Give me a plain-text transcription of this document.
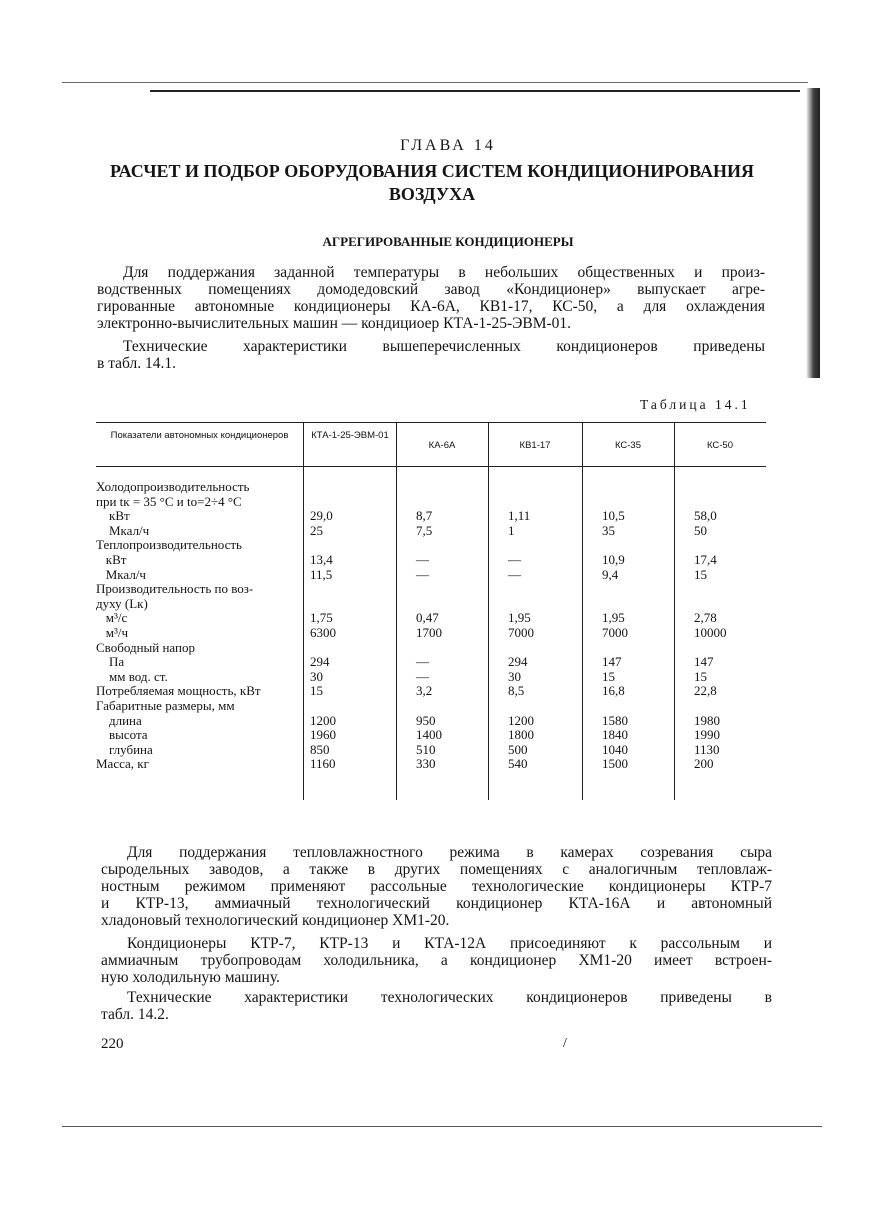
ГЛАВА 14
РАСЧЕТ И ПОДБОР ОБОРУДОВАНИЯ СИСТЕМ КОНДИЦИОНИРОВАНИЯ
ВОЗДУХА
АГРЕГИРОВАННЫЕ КОНДИЦИОНЕРЫ
Для поддержания заданной температуры в небольших общественных и произ-
водственных помещениях домодедовский завод «Кондиционер» выпускает агре-
гированные автономные кондиционеры КА-6А, КВ1-17, КС-50, а для охлаждения
электронно-вычислительных машин — кондициоер КТА-1-25-ЭВМ-01.
Технические характеристики вышеперечисленных кондиционеров приведены
в табл. 14.1.
Таблица 14.1
Показатели автономных кондиционеров	КТА-1-25-ЭВМ-01
КА-6А	КВ1-17	КС-35	КС-50
Холодопроизводительность
при tк = 35 °С и tо=2÷4 °С
кВт	29,0	8,7	1,11	10,5	58,0
Мкал/ч	25	7,5	1	35	50
Теплопроизводительность
кВт	13,4	—	—	10,9	17,4
Мкал/ч	11,5	—	—	9,4	15
Производительность по воз-
духу (Lк)
м³/с	1,75	0,47	1,95	1,95	2,78
м³/ч	6300	1700	7000	7000	10000
Свободный напор
Па	294	—	294	147	147
мм вод. ст.	30	—	30	15	15
Потребляемая мощность, кВт	15	3,2	8,5	16,8	22,8
Габаритные размеры, мм
длина	1200	950	1200	1580	1980
высота	1960	1400	1800	1840	1990
глубина	850	510	500	1040	1130
Масса, кг	1160	330	540	1500	200
Для поддержания тепловлажностного режима в камерах созревания сыра
сыродельных заводов, а также в других помещениях с аналогичным тепловлаж-
ностным режимом применяют рассольные технологические кондиционеры КТР-7
и КТР-13, аммиачный технологический кондиционер КТА-16А и автономный
хладоновый технологический кондиционер ХМ1-20.
Кондиционеры КТР-7, КТР-13 и КТА-12А присоединяют к рассольным и
аммиачным трубопроводам холодильника, а кондиционер ХМ1-20 имеет встроен-
ную холодильную машину.
Технические характеристики технологических кондиционеров приведены в
табл. 14.2.
220	/
